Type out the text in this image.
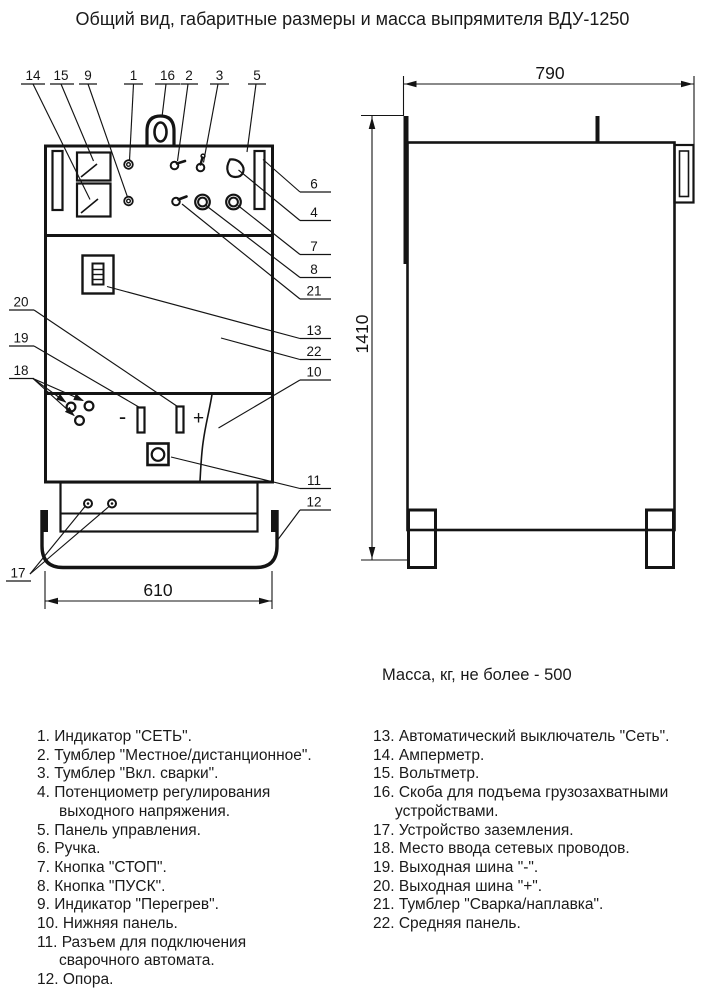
Общий вид, габаритные размеры и масса выпрямителя ВДУ-1250
-	+
610
790
1410
14 15 9	1 16 2 3 5
6
4
7
8
21
13
22
10
11
12
20
19
18
17
Масса, кг, не более - 500
1. Индикатор "СЕТЬ".
2. Тумблер "Местное/дистанционное".
3. Тумблер "Вкл. сварки".
4. Потенциометр регулирования
выходного напряжения.
5. Панель управления.
6. Ручка.
7. Кнопка "СТОП".
8. Кнопка "ПУСК".
9. Индикатор "Перегрев".
10. Нижняя панель.
11. Разъем для подключения
сварочного автомата.
12. Опора.
13. Автоматический выключатель "Сеть".
14. Амперметр.
15. Вольтметр.
16. Скоба для подъема грузозахватными
устройствами.
17. Устройство заземления.
18. Место ввода сетевых проводов.
19. Выходная шина "-".
20. Выходная шина "+".
21. Тумблер "Сварка/наплавка".
22. Средняя панель.
